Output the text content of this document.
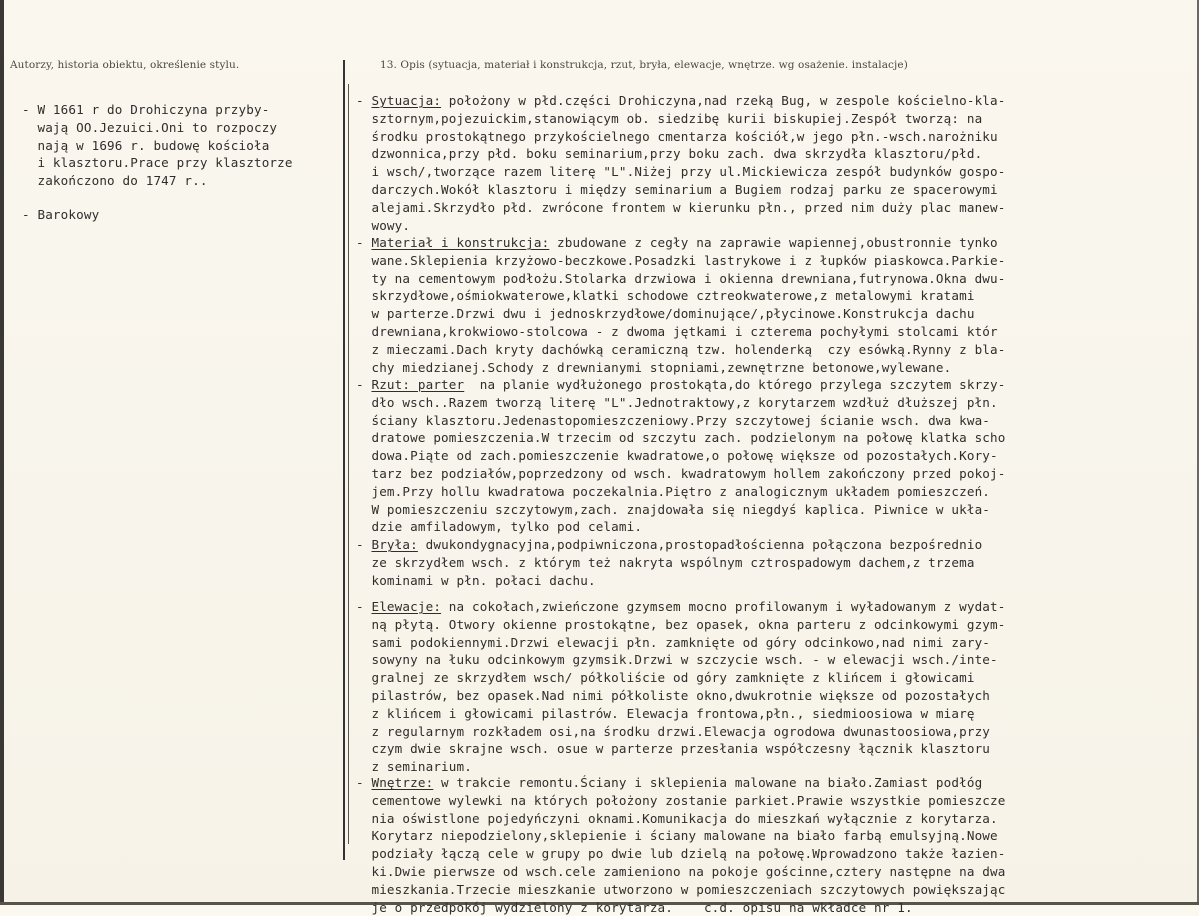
Autorzy, historia obiektu, określenie stylu.	13. Opis (sytuacja, materiał i konstrukcja, rzut, bryła, elewacje, wnętrze. wg osażenie. instalacje)
- W 1661 r do Drohiczyna przyby-
wają OO.Jezuici.Oni to rozpoczy
nają w 1696 r. budowę kościoła
i klasztoru.Prace przy klasztorze
zakończono do 1747 r..
- Barokowy
- Sytuacja: położony w płd.części Drohiczyna,nad rzeką Bug, w zespole kościelno-kla-
sztornym,pojezuickim,stanowiącym ob. siedzibę kurii biskupiej.Zespół tworzą: na
środku prostokątnego przykościelnego cmentarza kościół,w jego płn.-wsch.narożniku
dzwonnica,przy płd. boku seminarium,przy boku zach. dwa skrzydła klasztoru/płd.
i wsch/,tworzące razem literę "L".Niżej przy ul.Mickiewicza zespół budynków gospo-
darczych.Wokół klasztoru i między seminarium a Bugiem rodzaj parku ze spacerowymi
alejami.Skrzydło płd. zwrócone frontem w kierunku płn., przed nim duży plac manew-
wowy.
- Materiał i konstrukcja: zbudowane z cegły na zaprawie wapiennej,obustronnie tynko
wane.Sklepienia krzyżowo-beczkowe.Posadzki lastrykowe i z łupków piaskowca.Parkie-
ty na cementowym podłożu.Stolarka drzwiowa i okienna drewniana,futrynowa.Okna dwu-
skrzydłowe,ośmiokwaterowe,klatki schodowe cztreokwaterowe,z metalowymi kratami
w parterze.Drzwi dwu i jednoskrzydłowe/dominujące/,płycinowe.Konstrukcja dachu
drewniana,krokwiowo-stolcowa - z dwoma jętkami i czterema pochyłymi stolcami któr
z mieczami.Dach kryty dachówką ceramiczną tzw. holenderką  czy esówką.Rynny z bla-
chy miedzianej.Schody z drewnianymi stopniami,zewnętrzne betonowe,wylewane.
- Rzut: parter  na planie wydłużonego prostokąta,do którego przylega szczytem skrzy-
dło wsch..Razem tworzą literę "L".Jednotraktowy,z korytarzem wzdłuż dłuższej płn.
ściany klasztoru.Jedenastopomieszczeniowy.Przy szczytowej ścianie wsch. dwa kwa-
dratowe pomieszczenia.W trzecim od szczytu zach. podzielonym na połowę klatka scho
dowa.Piąte od zach.pomieszczenie kwadratowe,o połowę większe od pozostałych.Kory-
tarz bez podziałów,poprzedzony od wsch. kwadratowym hollem zakończony przed pokoj-
jem.Przy hollu kwadratowa poczekalnia.Piętro z analogicznym układem pomieszczeń.
W pomieszczeniu szczytowym,zach. znajdowała się niegdyś kaplica. Piwnice w ukła-
dzie amfiladowym, tylko pod celami.
- Bryła: dwukondygnacyjna,podpiwniczona,prostopadłościenna połączona bezpośrednio
ze skrzydłem wsch. z którym też nakryta wspólnym cztrospadowym dachem,z trzema
kominami w płn. połaci dachu.
- Elewacje: na cokołach,zwieńczone gzymsem mocno profilowanym i wyładowanym z wydat-
ną płytą. Otwory okienne prostokątne, bez opasek, okna parteru z odcinkowymi gzym-
sami podokiennymi.Drzwi elewacji płn. zamknięte od góry odcinkowo,nad nimi zary-
sowyny na łuku odcinkowym gzymsik.Drzwi w szczycie wsch. - w elewacji wsch./inte-
gralnej ze skrzydłem wsch/ półkoliście od góry zamknięte z klińcem i głowicami
pilastrów, bez opasek.Nad nimi półkoliste okno,dwukrotnie większe od pozostałych
z klińcem i głowicami pilastrów. Elewacja frontowa,płn., siedmioosiowa w miarę
z regularnym rozkładem osi,na środku drzwi.Elewacja ogrodowa dwunastoosiowa,przy
czym dwie skrajne wsch. osue w parterze przesłania współczesny łącznik klasztoru
z seminarium.
- Wnętrze: w trakcie remontu.Ściany i sklepienia malowane na biało.Zamiast podłóg
cementowe wylewki na których położony zostanie parkiet.Prawie wszystkie pomieszcze
nia oświstlone pojedyńczyni oknami.Komunikacja do mieszkań wyłącznie z korytarza.
Korytarz niepodzielony,sklepienie i ściany malowane na biało farbą emulsyjną.Nowe
podziały łączą cele w grupy po dwie lub dzielą na połowę.Wprowadzono także łazien-
ki.Dwie pierwsze od wsch.cele zamieniono na pokoje gościnne,cztery następne na dwa
mieszkania.Trzecie mieszkanie utworzono w pomieszczeniach szczytowych powiększając
je o przedpokój wydzielony z korytarza.    c.d. opisu na wkładce nr 1.
